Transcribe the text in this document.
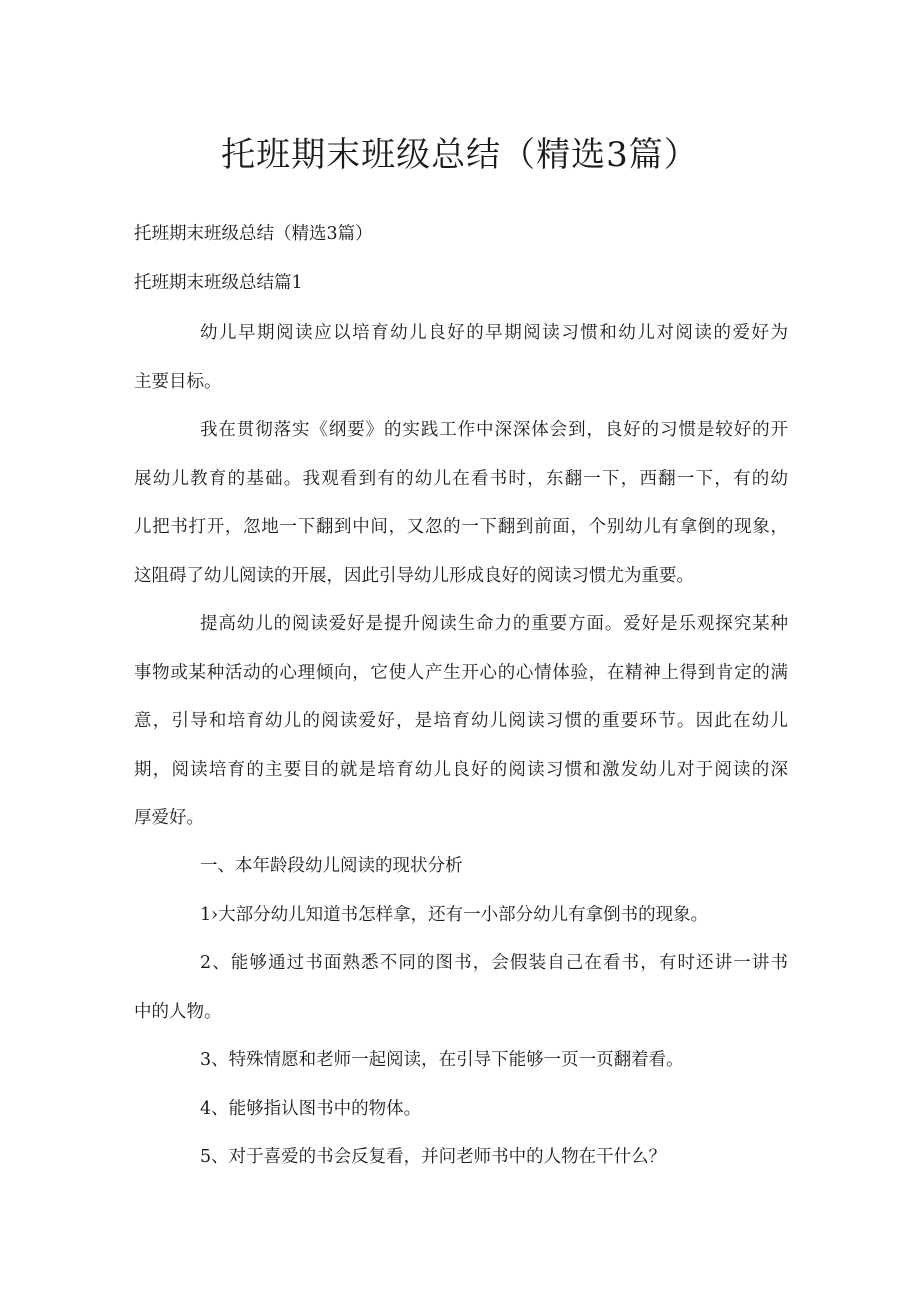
托班期末班级总结（精选3篇）

托班期末班级总结（精选3篇）

托班期末班级总结篇1

幼儿早期阅读应以培育幼儿良好的早期阅读习惯和幼儿对阅读的爱好为

主要目标。

我在贯彻落实《纲要》的实践工作中深深体会到，良好的习惯是较好的开

展幼儿教育的基础。我观看到有的幼儿在看书时，东翻一下，西翻一下，有的幼

儿把书打开，忽地一下翻到中间，又忽的一下翻到前面，个别幼儿有拿倒的现象，

这阻碍了幼儿阅读的开展，因此引导幼儿形成良好的阅读习惯尤为重要。

提高幼儿的阅读爱好是提升阅读生命力的重要方面。爱好是乐观探究某种

事物或某种活动的心理倾向，它使人产生开心的心情体验，在精神上得到肯定的满

意，引导和培育幼儿的阅读爱好，是培育幼儿阅读习惯的重要环节。因此在幼儿

期，阅读培育的主要目的就是培育幼儿良好的阅读习惯和激发幼儿对于阅读的深

厚爱好。

一、本年龄段幼儿阅读的现状分析

1›大部分幼儿知道书怎样拿，还有一小部分幼儿有拿倒书的现象。

2、能够通过书面熟悉不同的图书，会假装自己在看书，有时还讲一讲书

中的人物。

3、特殊情愿和老师一起阅读，在引导下能够一页一页翻着看。

4、能够指认图书中的物体。

5、对于喜爱的书会反复看，并问老师书中的人物在干什么？
